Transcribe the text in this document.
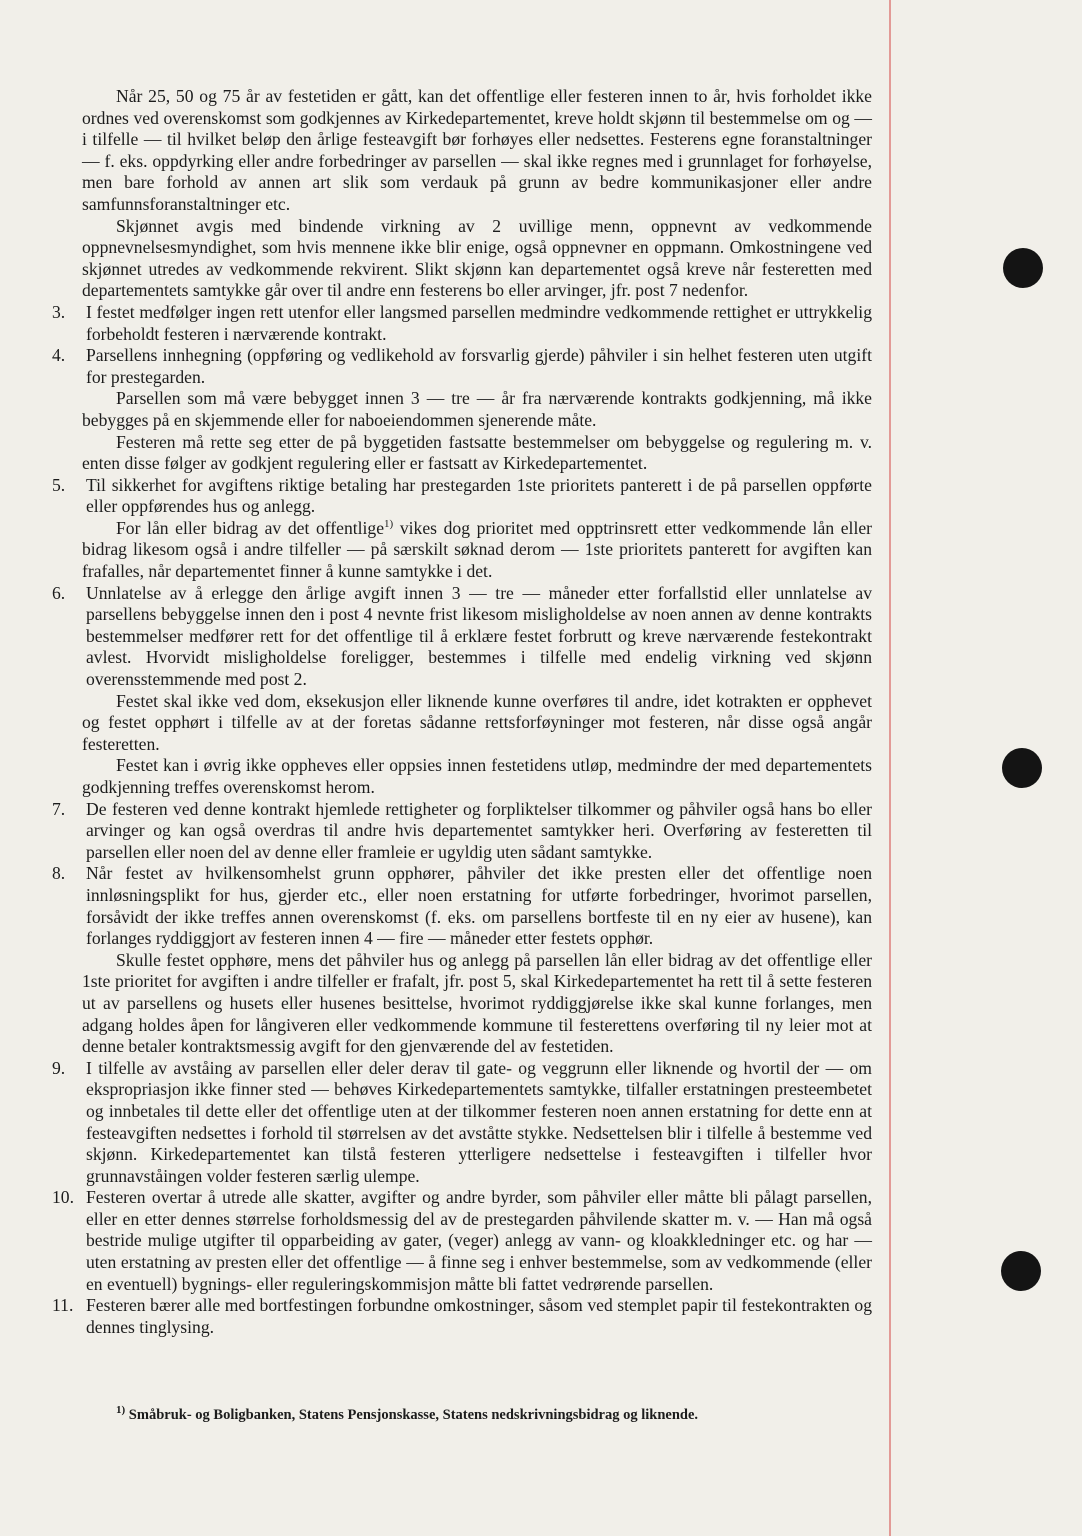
Når 25, 50 og 75 år av festetiden er gått, kan det offentlige eller festeren innen to år, hvis forholdet ikke ordnes ved overenskomst som godkjennes av Kirkedepartementet, kreve holdt skjønn til bestemmelse om og — i tilfelle — til hvilket beløp den årlige festeavgift bør forhøyes eller nedsettes. Festerens egne foranstaltninger — f. eks. oppdyrking eller andre forbedringer av parsellen — skal ikke regnes med i grunnlaget for forhøyelse, men bare forhold av annen art slik som verdauk på grunn av bedre kommunikasjoner eller andre samfunnsforanstaltninger etc.
Skjønnet avgis med bindende virkning av 2 uvillige menn, oppnevnt av vedkommende oppnevnelsesmyndighet, som hvis mennene ikke blir enige, også oppnevner en oppmann. Omkostningene ved skjønnet utredes av vedkommende rekvirent. Slikt skjønn kan departementet også kreve når festeretten med departementets samtykke går over til andre enn festerens bo eller arvinger, jfr. post 7 nedenfor.
3.	I festet medfølger ingen rett utenfor eller langsmed parsellen medmindre vedkommende rettighet er uttrykkelig forbeholdt festeren i nærværende kontrakt.
4.	Parsellens innhegning (oppføring og vedlikehold av forsvarlig gjerde) påhviler i sin helhet festeren uten utgift for prestegarden.
Parsellen som må være bebygget innen 3 — tre — år fra nærværende kontrakts godkjenning, må ikke bebygges på en skjemmende eller for naboeiendommen sjenerende måte.
Festeren må rette seg etter de på byggetiden fastsatte bestemmelser om bebyggelse og regulering m. v. enten disse følger av godkjent regulering eller er fastsatt av Kirkedepartementet.
5.	Til sikkerhet for avgiftens riktige betaling har prestegarden 1ste prioritets panterett i de på parsellen oppførte eller oppførendes hus og anlegg.
For lån eller bidrag av det offentlige$^{1)}$ vikes dog prioritet med opptrinsrett etter vedkommende lån eller bidrag likesom også i andre tilfeller — på særskilt søknad derom — 1ste prioritets panterett for avgiften kan frafalles, når departementet finner å kunne samtykke i det.
6.	Unnlatelse av å erlegge den årlige avgift innen 3 — tre — måneder etter forfallstid eller unnlatelse av parsellens bebyggelse innen den i post 4 nevnte frist likesom misligholdelse av noen annen av denne kontrakts bestemmelser medfører rett for det offentlige til å erklære festet forbrutt og kreve nærværende festekontrakt avlest. Hvorvidt misligholdelse foreligger, bestemmes i tilfelle med endelig virkning ved skjønn overensstemmende med post 2.
Festet skal ikke ved dom, eksekusjon eller liknende kunne overføres til andre, idet kotrakten er opphevet og festet opphørt i tilfelle av at der foretas sådanne rettsforføyninger mot festeren, når disse også angår festeretten.
Festet kan i øvrig ikke oppheves eller oppsies innen festetidens utløp, medmindre der med departementets godkjenning treffes overenskomst herom.
7.	De festeren ved denne kontrakt hjemlede rettigheter og forpliktelser tilkommer og påhviler også hans bo eller arvinger og kan også overdras til andre hvis departementet samtykker heri. Overføring av festeretten til parsellen eller noen del av denne eller framleie er ugyldig uten sådant samtykke.
8.	Når festet av hvilkensomhelst grunn opphører, påhviler det ikke presten eller det offentlige noen innløsningsplikt for hus, gjerder etc., eller noen erstatning for utførte forbedringer, hvorimot parsellen, forsåvidt der ikke treffes annen overenskomst (f. eks. om parsellens bortfeste til en ny eier av husene), kan forlanges ryddiggjort av festeren innen 4 — fire — måneder etter festets opphør.
Skulle festet opphøre, mens det påhviler hus og anlegg på parsellen lån eller bidrag av det offentlige eller 1ste prioritet for avgiften i andre tilfeller er frafalt, jfr. post 5, skal Kirkedepartementet ha rett til å sette festeren ut av parsellens og husets eller husenes besittelse, hvorimot ryddiggjørelse ikke skal kunne forlanges, men adgang holdes åpen for långiveren eller vedkommende kommune til festerettens overføring til ny leier mot at denne betaler kontraktsmessig avgift for den gjenværende del av festetiden.
9.	I tilfelle av avståing av parsellen eller deler derav til gate- og veggrunn eller liknende og hvortil der — om ekspropriasjon ikke finner sted — behøves Kirkedepartementets samtykke, tilfaller erstatningen presteembetet og innbetales til dette eller det offentlige uten at der tilkommer festeren noen annen erstatning for dette enn at festeavgiften nedsettes i forhold til størrelsen av det avståtte stykke. Nedsettelsen blir i tilfelle å bestemme ved skjønn. Kirkedepartementet kan tilstå festeren ytterligere nedsettelse i festeavgiften i tilfeller hvor grunnavståingen volder festeren særlig ulempe.
10. Festeren overtar å utrede alle skatter, avgifter og andre byrder, som påhviler eller måtte bli pålagt parsellen, eller en etter dennes størrelse forholdsmessig del av de prestegarden påhvilende skatter m. v. — Han må også bestride mulige utgifter til opparbeiding av gater, (veger) anlegg av vann- og kloakkledninger etc. og har — uten erstatning av presten eller det offentlige — å finne seg i enhver bestemmelse, som av vedkommende (eller en eventuell) bygnings- eller reguleringskommisjon måtte bli fattet vedrørende parsellen.
11. Festeren bærer alle med bortfestingen forbundne omkostninger, såsom ved stemplet papir til festekontrakten og dennes tinglysing.
$^{1)}$ Småbruk- og Boligbanken, Statens Pensjonskasse, Statens nedskrivningsbidrag og liknende.
